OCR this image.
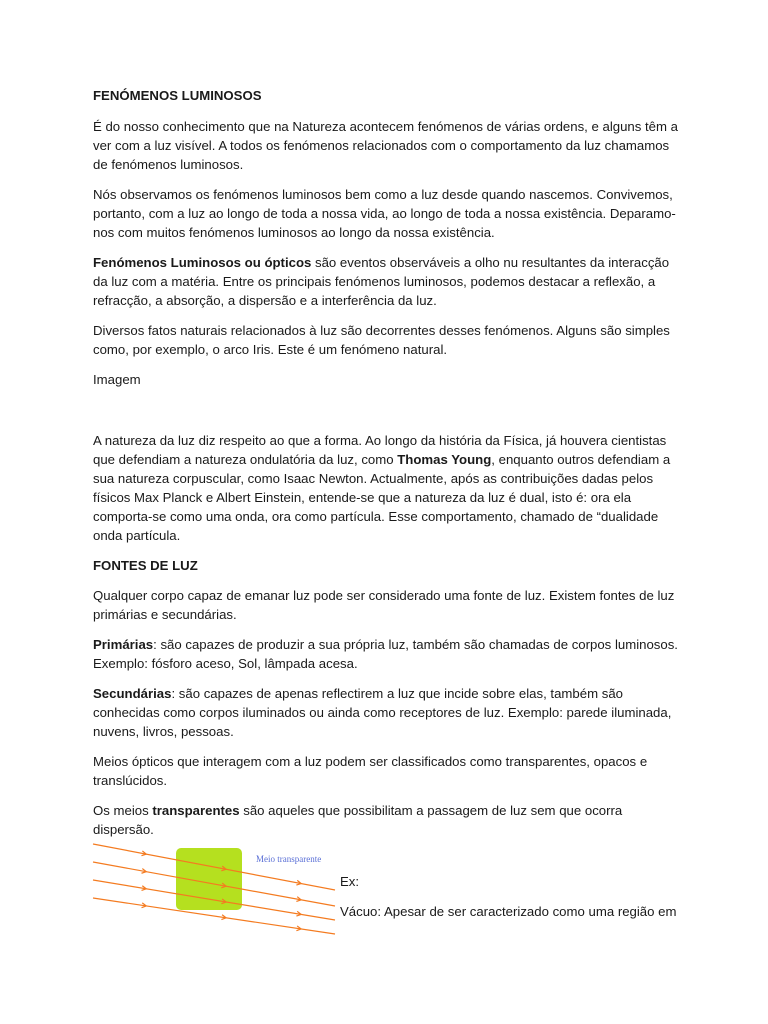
FENÓMENOS LUMINOSOS

É do nosso conhecimento que na Natureza acontecem fenómenos de várias ordens, e alguns têm a ver com a luz visível. A todos os fenómenos relacionados com o comportamento da luz chamamos de fenómenos luminosos.

Nós observamos os fenómenos luminosos bem como a luz desde quando nascemos. Convivemos, portanto, com a luz ao longo de toda a nossa vida, ao longo de toda a nossa existência. Deparamo-nos com muitos fenómenos luminosos ao longo da nossa existência.

Fenómenos Luminosos ou ópticos são eventos observáveis a olho nu resultantes da interacção da luz com a matéria. Entre os principais fenómenos luminosos, podemos destacar a reflexão, a refracção, a absorção, a dispersão e a interferência da luz.

Diversos fatos naturais relacionados à luz são decorrentes desses fenómenos. Alguns são simples como, por exemplo, o arco Iris. Este é um fenómeno natural.

Imagem

A natureza da luz diz respeito ao que a forma. Ao longo da história da Física, já houvera cientistas que defendiam a natureza ondulatória da luz, como Thomas Young, enquanto outros defendiam a sua natureza corpuscular, como Isaac Newton. Actualmente, após as contribuições dadas pelos físicos Max Planck e Albert Einstein, entende-se que a natureza da luz é dual, isto é: ora ela comporta-se como uma onda, ora como partícula. Esse comportamento, chamado de “dualidade onda partícula.

FONTES DE LUZ

Qualquer corpo capaz de emanar luz pode ser considerado uma fonte de luz. Existem fontes de luz primárias e secundárias.

Primárias: são capazes de produzir a sua própria luz, também são chamadas de corpos luminosos. Exemplo: fósforo aceso, Sol, lâmpada acesa.

Secundárias: são capazes de apenas reflectirem a luz que incide sobre elas, também são conhecidas como corpos iluminados ou ainda como receptores de luz. Exemplo: parede iluminada, nuvens, livros, pessoas.

Meios ópticos que interagem com a luz podem ser classificados como transparentes, opacos e translúcidos.

Os meios transparentes são aqueles que possibilitam a passagem de luz sem que ocorra dispersão.

Meio transparente
Ex:
Vácuo: Apesar de ser caracterizado como uma região em
